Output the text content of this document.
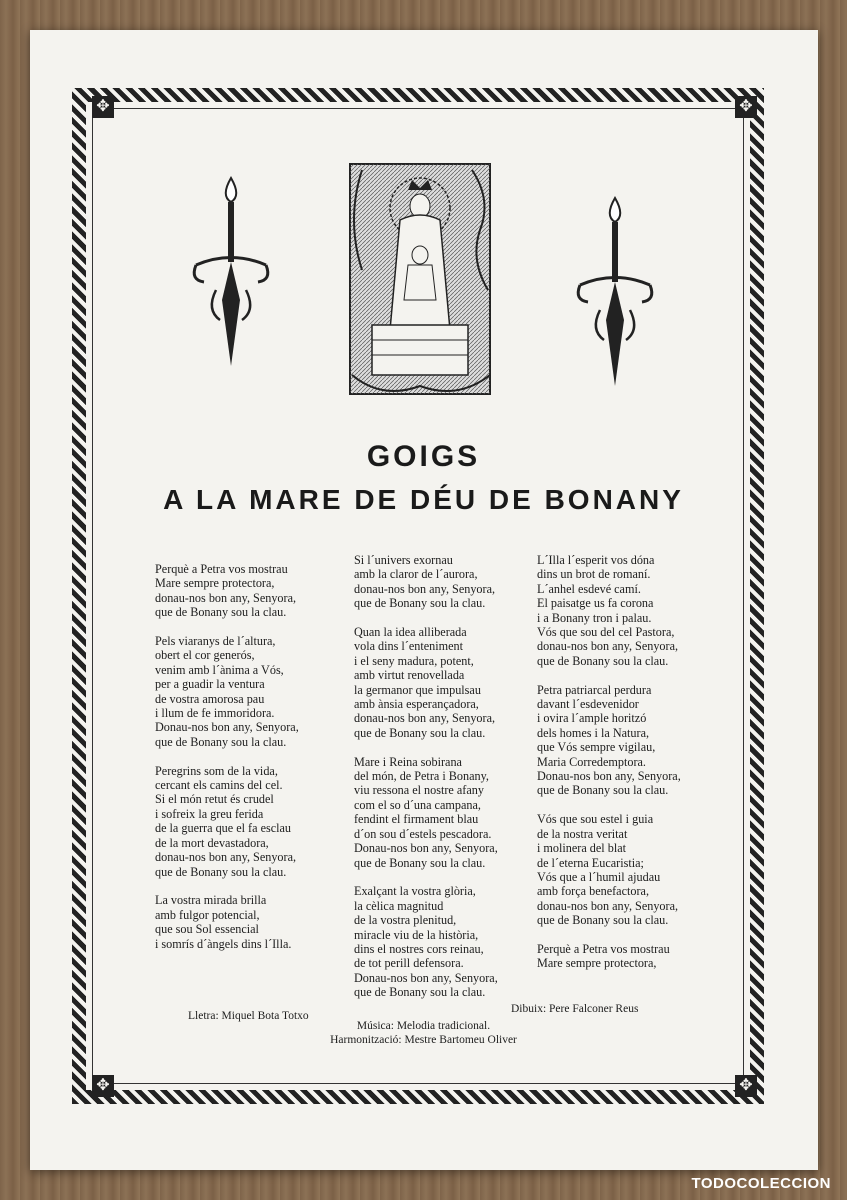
✥	✥
✥	✥
GOIGS
A LA MARE DE DÉU DE BONANY
Perquè a Petra vos mostrau
Mare sempre protectora,
donau-nos bon any, Senyora,
que de Bonany sou la clau.
Pels viaranys de l´altura,
obert el cor generós,
venim amb l´ànima a Vós,
per a guadir la ventura
de vostra amorosa pau
i llum de fe immoridora.
Donau-nos bon any, Senyora,
que de Bonany sou la clau.
Peregrins som de la vida,
cercant els camins del cel.
Si el món retut és crudel
i sofreix la greu ferida
de la guerra que el fa esclau
de la mort devastadora,
donau-nos bon any, Senyora,
que de Bonany sou la clau.
La vostra mirada brilla
amb fulgor potencial,
que sou Sol essencial
i somrís d´àngels dins l´Illa.
Si l´univers exornau
amb la claror de l´aurora,
donau-nos bon any, Senyora,
que de Bonany sou la clau.
Quan la idea alliberada
vola dins l´enteniment
i el seny madura, potent,
amb virtut renovellada
la germanor que impulsau
amb ànsia esperançadora,
donau-nos bon any, Senyora,
que de Bonany sou la clau.
Mare i Reina sobirana
del món, de Petra i Bonany,
viu ressona el nostre afany
com el so d´una campana,
fendint el firmament blau
d´on sou d´estels pescadora.
Donau-nos bon any, Senyora,
que de Bonany sou la clau.
Exalçant la vostra glòria,
la cèlica magnitud
de la vostra plenitud,
miracle viu de la història,
dins el nostres cors reinau,
de tot perill defensora.
Donau-nos bon any, Senyora,
que de Bonany sou la clau.
L´Illa l´esperit vos dóna
dins un brot de romaní.
L´anhel esdevé camí.
El paisatge us fa corona
i a Bonany tron i palau.
Vós que sou del cel Pastora,
donau-nos bon any, Senyora,
que de Bonany sou la clau.
Petra patriarcal perdura
davant l´esdevenidor
i ovira l´ample horitzó
dels homes i la Natura,
que Vós sempre vigilau,
Maria Corredemptora.
Donau-nos bon any, Senyora,
que de Bonany sou la clau.
Vós que sou estel i guia
de la nostra veritat
i molinera del blat
de l´eterna Eucaristia;
Vós que a l´humil ajudau
amb força benefactora,
donau-nos bon any, Senyora,
que de Bonany sou la clau.
Perquè a Petra vos mostrau
Mare sempre protectora,
Lletra: Miquel Bota Totxo
Dibuix: Pere Falconer Reus
Música: Melodia tradicional.
Harmonització: Mestre Bartomeu Oliver
TODOCOLECCION
